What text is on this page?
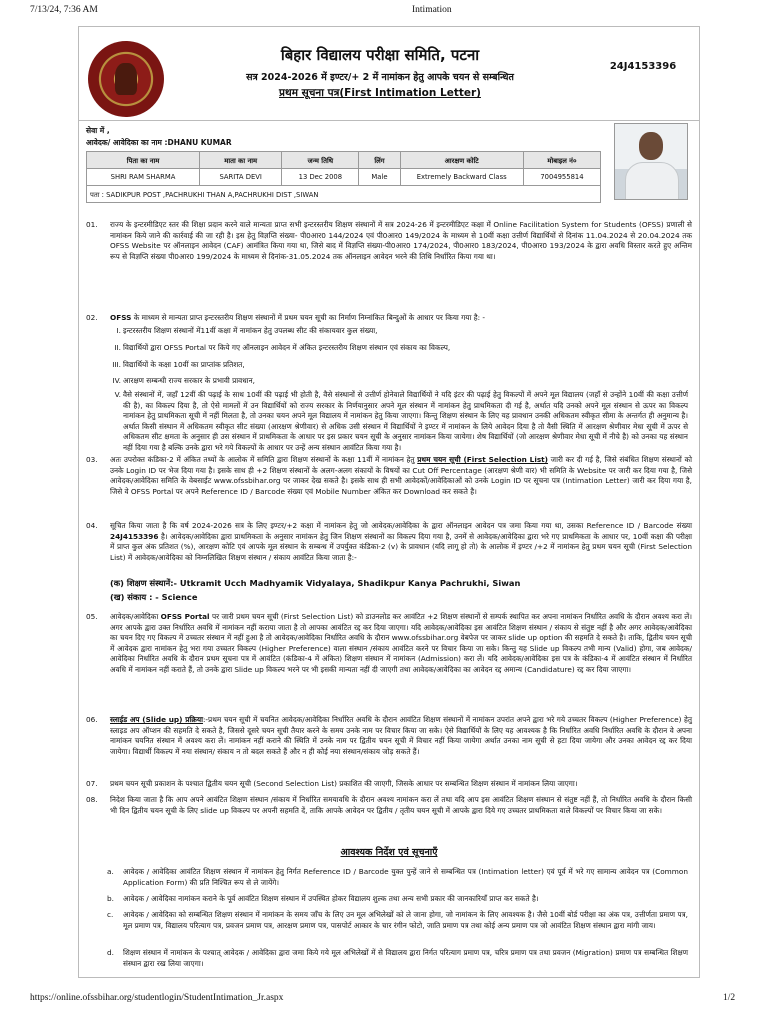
7/13/24, 7:36 AM	Intimation
बिहार विद्यालय परीक्षा समिति, पटना
सत्र 2024-2026 में इण्टर/+ 2 में नामांकन हेतु आपके चयन से सम्बन्धित
प्रथम सूचना पत्र(First Intimation Letter)
24J4153396
सेवा में ,
आवेदक/ आवेदिका का नाम :DHANU KUMAR
पिता का नाम	माता का नाम	जन्म तिथि	लिंग	आरक्षण कोटि	मोबाइल नं०
SHRI RAM SHARMA	SARITA DEVI	13 Dec 2008	Male	Extremely Backward Class	7004955814
पता : SADIKPUR POST ,PACHRUKHI THAN A,PACHRUKHI DIST ,SIWAN					
01. राज्य के इन्टरमीडिएट स्तर की शिक्षा प्रदान करने वाले मान्यता प्राप्त सभी इन्टरस्तरीय शिक्षण संस्थानों में सत्र 2024-26 में इन्टरमीडिएट कक्षा में Online Facilitation System for Students (OFSS) प्रणाली से नामांकन किये जाने की कार्रवाई की जा रही है। इस हेतु विज्ञप्ति संख्या- पी0आर0 144/2024 एवं पी0आर0 149/2024 के माध्यम से 10वीं कक्षा उत्तीर्ण विद्यार्थियों से दिनांक 11.04.2024 से 20.04.2024 तक OFSS Website पर ऑनलाइन आवेदन (CAF) आमंत्रित किया गया था, जिसे बाद में विज्ञप्ति संख्या-पी0आर0 174/2024, पी0आर0 183/2024, पी0आर0 193/2024 के द्वारा अवधि विस्तार करते हुए अन्तिम रूप से विज्ञप्ति संख्या पी0आर0 199/2024 के माध्यम से दिनांक-31.05.2024 तक ऑनलाइन आवेदन भरने की तिथि निर्धारित किया गया था।
02. OFSS के माध्यम से मान्यता प्राप्त इन्टरस्तरीय शिक्षण संस्थानों में प्रथम चयन सूची का निर्माण निम्नांकित बिन्दुओं के आधार पर किया गया है: -
I. इन्टरस्तरीय शिक्षण संस्थानों में11वीं कक्षा में नामांकन हेतु उपलब्ध सीट की संकायवार कुल संख्या,
II. विद्यार्थियों द्वारा OFSS Portal पर किये गए ऑनलाइन आवेदन में अंकित इन्टरस्तरीय शिक्षण संस्थान एवं संकाय का विकल्प,
III. विद्यार्थियों के कक्षा 10वीं का प्राप्तांक प्रतिशत,
IV. आरक्षण सम्बन्धी राज्य सरकार के प्रभावी प्रावधान,
V. वैसे संस्थानों में, जहाँ 12वीं की पढ़ाई के साथ 10वीं की पढ़ाई भी होती है, वैसे संस्थानों से उत्तीर्ण होनेवाले विद्यार्थियों ने यदि इंटर की पढ़ाई हेतु विकल्पों में अपने मूल विद्यालय (जहाँ से उन्होंने 10वीं की कक्षा उत्तीर्ण की है), का विकल्प दिया है, तो ऐसे मामलों में उन विद्यार्थियों को राज्य सरकार के निर्णयानुसार अपने मूल संस्थान में नामांकन हेतु प्राथमिकता दी गई है, अर्थात यदि उनको अपने मूल संस्थान से ऊपर का विकल्प नामांकन हेतु प्राथमिकता सूची में नहीं मिलता है, तो उनका चयन अपने मूल विद्यालय में नामांकन हेतु किया जाएगा। किन्तु शिक्षण संस्थान के लिए यह प्रावधान उनकी अधिकतम स्वीकृत सीमा के अन्तर्गत ही अनुमान्य है। अर्थात किसी संस्थान में अधिकतम स्वीकृत सीट संख्या (आरक्षण श्रेणीवार) से अधिक उसी संस्थान में विद्यार्थियों ने इण्टर में नामांकन के लिये आवेदन दिया है तो वैसी स्थिति में आरक्षण श्रेणीवार मेधा सूची में ऊपर से अधिकतम सीट क्षमता के अनुसार ही उस संस्थान में प्राथमिकता के आधार पर इस प्रकार चयन सूची के अनुसार नामांकन किया जायेगा। शेष विद्यार्थियों (जो आरक्षण श्रेणीवार मेधा सूची में नीचे है) को उनका यह संस्थान नहीं दिया गया है बल्कि उनके द्वारा भरे गये विकल्पों के आधार पर उन्हें अन्य संस्थान आवंटित किया गया है।
03. अतः उपरोक्त कंडिका-2 में अंकित तथ्यों के आलोक में समिति द्वारा शिक्षण संस्थानों के कक्षा 11वीं में नामांकन हेतु प्रथम चयन सूची (First Selection List) जारी कर दी गई है, जिसे संबंधित शिक्षण संस्थानों को उनके Login ID पर भेज दिया गया है। इसके साथ ही +2 शिक्षण संस्थानों के अलग-अलग संकायों के विषयों का Cut Off Percentage (आरक्षण श्रेणी वार) भी समिति के Website पर जारी कर दिया गया है, जिसे आवेदक/आवेदिका समिति के वेबसाईट www.ofssbihar.org पर जाकर देख सकते है। इसके साथ ही सभी आवेदकों/आवेदिकाओं को उनके Login ID पर सूचना पत्र (Intimation Letter) जारी कर दिया गया है, जिसे वे OFSS Portal पर अपने Reference ID / Barcode संख्या एवं Mobile Number अंकित कर Download कर सकते है।
04. सूचित किया जाता है कि वर्ष 2024-2026 सत्र के लिए इण्टर/+2 कक्षा में नामांकन हेतु जो आवेदक/आवेदिका के द्वारा ऑनलाइन आवेदन पत्र जमा किया गया था, उसका Reference ID / Barcode संख्या 24J4153396 है। आवेदक/आवेदिका द्वारा प्राथमिकता के अनुसार नामांकन हेतु जिन शिक्षण संस्थानों का विकल्प दिया गया है, उनमें से आवेदक/आवेदिका द्वारा भरे गए प्राथमिकता के आधार पर, 10वीं कक्षा की परीक्षा में प्राप्त कुल अंक प्रतिशत (%), आरक्षण कोटि एवं आपके मूल संस्थान के सम्बन्ध में उपर्युक्त कंडिका-2 (v) के प्रावधान (यदि लागू हो तो) के आलोक में इण्टर /+2 में नामांकन हेतु प्रथम चयन सूची (First Selection List) में आवेदक/आवेदिका को निम्नलिखित शिक्षण संस्थान / संकाय आवंटित किया जाता है:-
(क) शिक्षण संस्थानें:- Utkramit Ucch Madhyamik Vidyalaya, Shadikpur Kanya Pachrukhi, Siwan
(ख) संकाय : - Science
05. आवेदक/आवेदिका OFSS Portal पर जारी प्रथम चयन सूची (First Selection List) को डाउनलोड कर आवंटित +2 शिक्षण संस्थानों से सम्पर्क स्थापित कर अपना नामांकन निर्धारित अवधि के दौरान अवश्य करा लें। अगर आपके द्वारा उक्त निर्धारित अवधि में नामांकन नहीं कराया जाता है तो आपका आवंटित रद्द कर दिया जाएगा। यदि आवेदक/आवेदिका इस आवंटित शिक्षण संस्थान / संकाय से संतुष्ट नहीं है और अगर आवेदक/आवेदिका का चयन दिए गए विकल्प में उच्चतर संस्थान में नहीं हुआ है तो आवेदक/आवेदिका निर्धारित अवधि के दौरान www.ofssbihar.org वेबपेज पर जाकर slide up option की सहमति दे सकते है। ताकि, द्वितीय चयन सूची में आवेदक द्वारा नामांकन हेतु भरा गया उच्चतर विकल्प (Higher Preference) वाला संस्थान /संकाय आवंटित करने पर विचार किया जा सके। किन्तु यह Slide up विकल्प तभी मान्य (Valid) होगा, जब आवेदक/आवेदिका निर्धारित अवधि के दौरान प्रथम सूचना पत्र में आवंटित (कंडिका-4 में अंकित) शिक्षण संस्थान में नामांकन (Admission) करा लें। यदि आवेदक/आवेदिका इस पत्र के कंडिका-4 में आवंटित संस्थान में निर्धारित अवधि में नामांकन नहीं कराते हैं, तो उनके द्वारा Slide up विकल्प भरने पर भी इसकी मान्यता नहीं दी जाएगी तथा आवेदक/आवेदिका का आवेदन रद्द अमान्य (Candidature) रद्द कर दिया जाएगा।
06. स्लाईड अप (Slide up) प्रक्रिया:-प्रथम चयन सूची में चयनित आवेदक/आवेदिका निर्धारित अवधि के दौरान आवंटित शिक्षण संस्थानों में नामांकन उपरांत अपने द्वारा भरे गये उच्चतर विकल्प (Higher Preference) हेतु स्लाइड अप ऑप्शन की सहमति दे सकते है, जिससे दूसरे चयन सूची तैयार करने के समय उनके नाम पर विचार किया जा सके। ऐसे विद्यार्थियों के लिए यह आवश्यक है कि निर्धारित अवधि निर्धारित अवधि के दौरान वे अपना नामांकन चयनित संस्थान में अवश्य करा लें। नामांकन नहीं कराने की स्थिति में उनके नाम पर द्वितीय चयन सूची में विचार नहीं किया जायेगा अर्थात उनका नाम सूची से हटा दिया जायेगा और उनका आवेदन रद्द कर दिया जायेगा। विद्यार्थी विकल्प में नया संस्थान/ संकाय न तो बदल सकते हैं और न ही कोई नया संस्थान/संकाय जोड़ सकते हैं।
07. प्रथम चयन सूची प्रकाशन के पश्चात द्वितीय चयन सूची (Second Selection List) प्रकाशित की जाएगी, जिसके आधार पर सम्बन्धित शिक्षण संस्थान में नामांकन लिया जाएगा।
08. निदेश किया जाता है कि आप अपने आवंटित शिक्षण संस्थान /संकाय में निर्धारित समयावधि के दौरान अवश्य नामांकन करा लें तथा यदि आप इस आवंटित शिक्षण संस्थान से संतुष्ट नहीं हैं, तो निर्धारित अवधि के दौरान किसी भी दिन द्वितीय चयन सूची के लिए slide up विकल्प पर अपनी सहमति दें, ताकि आपके आवेदन पर द्वितीय / तृतीय चयन सूची में आपके द्वारा दिये गए उच्चतर प्राथमिकता वाले विकल्पों पर विचार किया जा सके।
आवश्यक निर्देश एवं सूचनाएँ
a. आवेदक / आवेदिका आवंटित शिक्षण संस्थान में नामांकन हेतु निर्गत Reference ID / Barcode युक्त पुन्हें जाने से सम्बन्धित पत्र (Intimation letter) एवं पूर्व में भरे गए सामान्य आवेदन पत्र (Common Application Form) की प्रति निश्चित रूप से ले जायेंगे।
b. आवेदक / आवेदिका नामांकन कराने के पूर्व आवंटित शिक्षण संस्थान में उपस्थित होकर विद्यालय शुल्क तथा अन्य सभी प्रकार की जानकारियाँ प्राप्त कर सकते है।
c. आवेदक / आवेदिका को सम्बन्धित शिक्षण संस्थान में नामांकन के समय जाँच के लिए उन मूल अभिलेखों को ले जाना होगा, जो नामांकन के लिए आवश्यक है। जैसे 10वीं बोर्ड परीक्षा का अंक पत्र, उत्तीर्णता प्रमाण पत्र, मूल प्रमाण पत्र, विद्यालय परित्याग पत्र, प्रवजन प्रमाण पत्र, आरक्षण प्रमाण पत्र, पासपोर्ट आकार के चार रंगीन फोटो, जाति प्रमाण पत्र तथा कोई अन्य प्रमाण पत्र जो आवंटित शिक्षण संस्थान द्वारा मांगी जाय।
d. शिक्षण संस्थान में नामांकन के पश्चात् आवेदक / आवेदिका द्वारा जमा किये गये मूल अभिलेखों में से विद्यालय द्वारा निर्गत परित्याग प्रमाण पत्र, चरित्र प्रमाण पत्र तथा प्रवजन (Migration) प्रमाण पत्र सम्बन्धित शिक्षण संस्थान द्वारा रख लिया जाएगा।
https://online.ofssbihar.org/studentlogin/StudentIntimation_Jr.aspx	1/2
